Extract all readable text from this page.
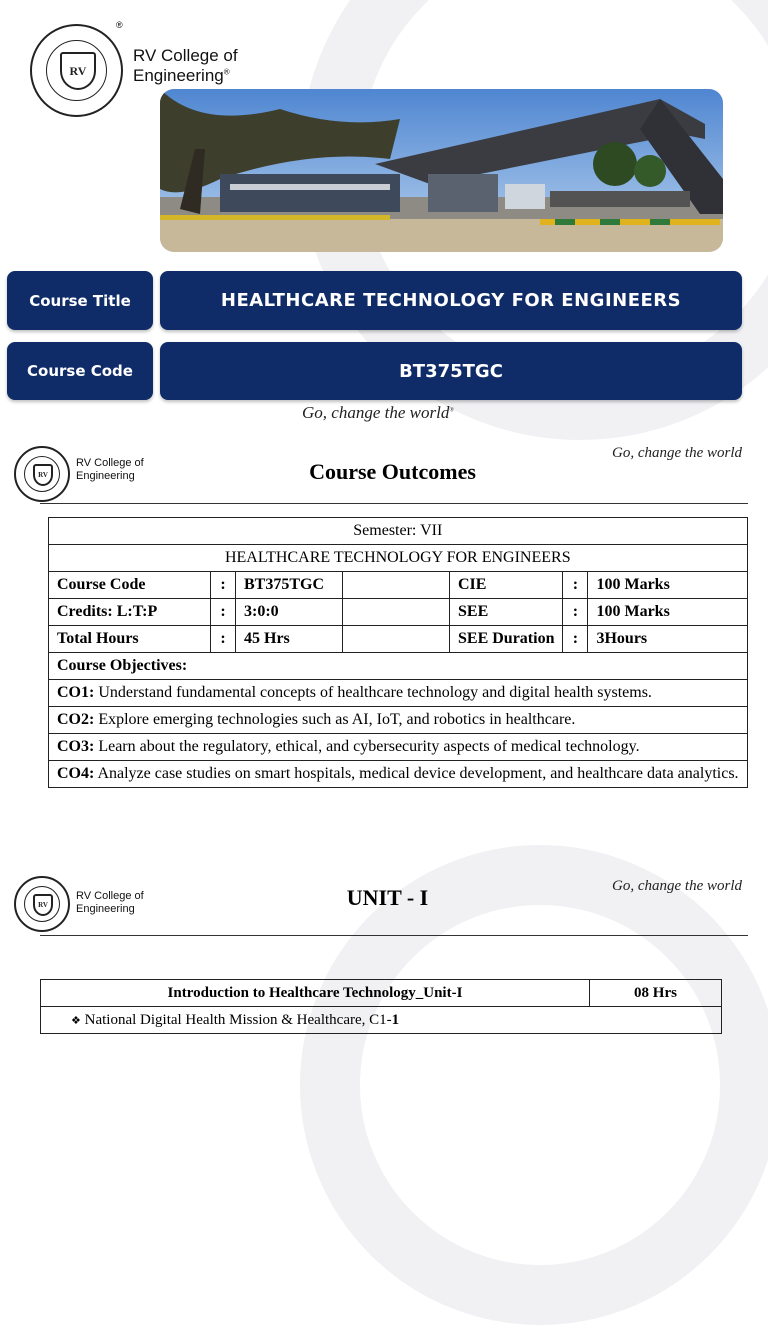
RV
®
RV College of
Engineering®
Course Title	HEALTHCARE TECHNOLOGY FOR ENGINEERS
Course Code	BT375TGC
Go, change the world®
RV
RV College of
Engineering	Course Outcomes
Go, change the world
Semester: VII						
HEALTHCARE TECHNOLOGY FOR ENGINEERS						
Course Code	:	BT375TGC		CIE	:	100 Marks
Credits: L:T:P	:	3:0:0		SEE	:	100 Marks
Total Hours	:	45 Hrs		SEE Duration	:	3Hours
Course Objectives:						
CO1: Understand fundamental concepts of healthcare technology and digital health systems.						
CO2: Explore emerging technologies such as AI, IoT, and robotics in healthcare.						
CO3: Learn about the regulatory, ethical, and cybersecurity aspects of medical technology.						
CO4: Analyze case studies on smart hospitals, medical device development, and healthcare data analytics.						
RV
RV College of
Engineering	UNIT - I	Go, change the world
Introduction to Healthcare Technology_Unit-I	08 Hrs
❖ National Digital Health Mission & Healthcare, C1-1
